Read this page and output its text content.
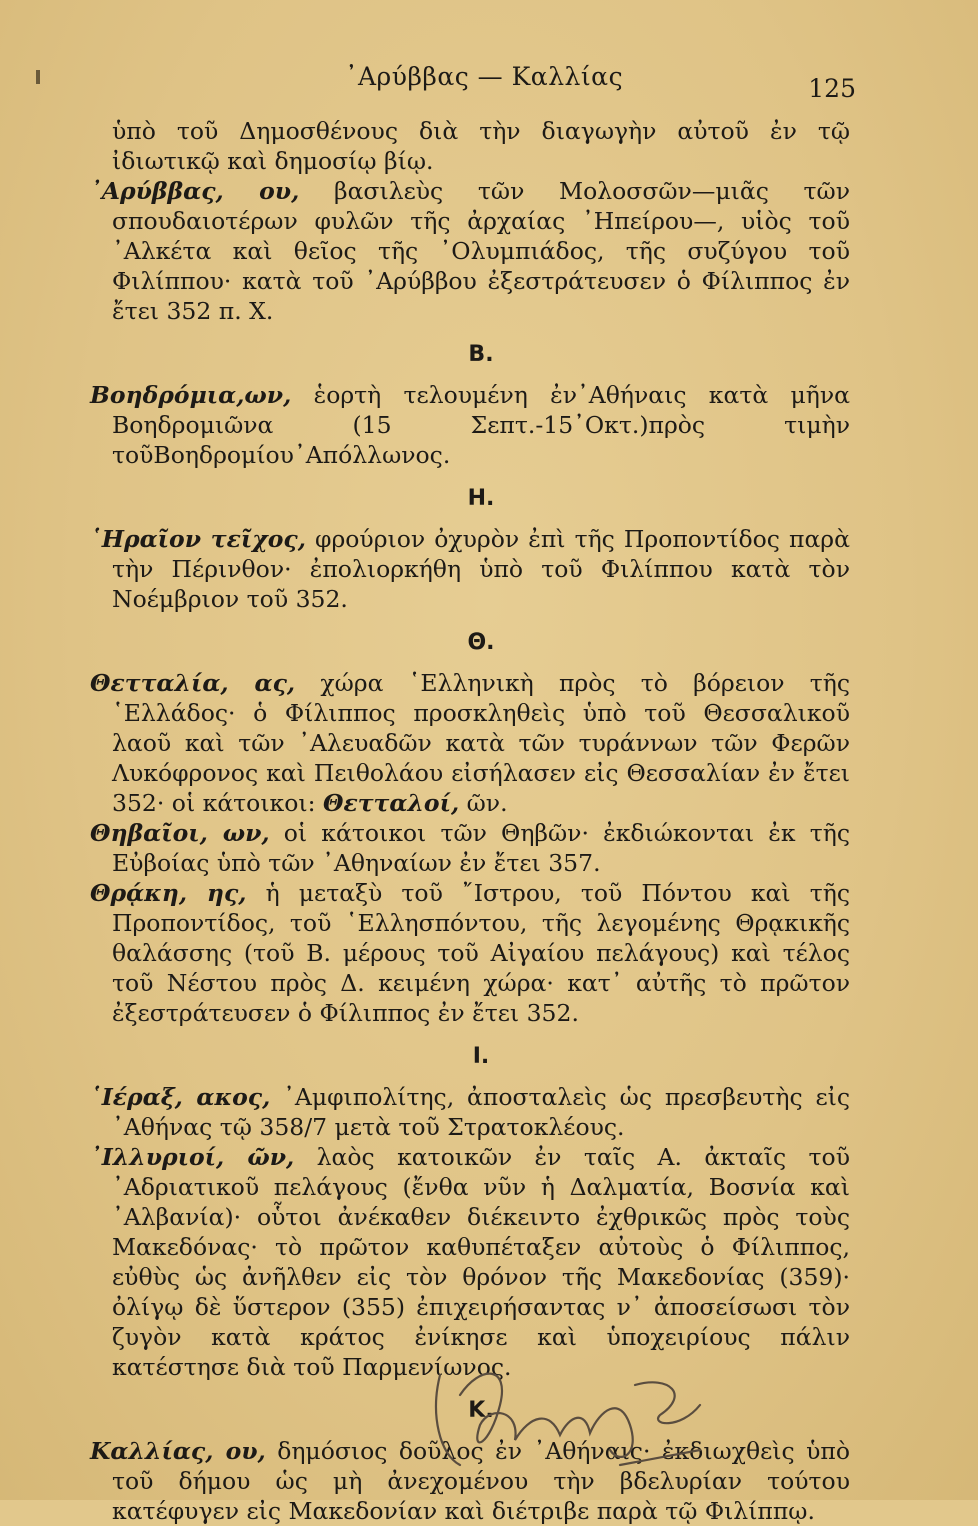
᾿Αρύββας — Καλλίας	125

ὑπὸ τοῦ Δημοσθένους διὰ τὴν διαγωγὴν αὐτοῦ ἐν τῷ ἰδιωτικῷ καὶ δημοσίῳ βίῳ.

᾿Αρύββας, ου, βασιλεὺς τῶν Μολοσσῶν—μιᾶς τῶν σπουδαιοτέρων φυλῶν τῆς ἀρχαίας ᾿Ηπείρου—, υἱὸς τοῦ ᾿Αλκέτα καὶ θεῖος τῆς ᾿Ολυμπιάδος, τῆς συζύγου τοῦ Φιλίππου· κατὰ τοῦ ᾿Αρύββου ἐξεστράτευσεν ὁ Φίλιππος ἐν ἔτει 352 π. Χ.

Β.

Βοηδρόμια,ων, ἑορτὴ τελουμένη ἐν᾿Αθήναις κατὰ μῆνα Βοηδρομιῶνα (15 Σεπτ.-15᾿Οκτ.)πρὸς τιμὴν τοῦΒοηδρομίου᾿Απόλλωνος.

Η.

῾Ηραῖον τεῖχος, φρούριον ὀχυρὸν ἐπὶ τῆς Προποντίδος παρὰ τὴν Πέρινθον· ἐπολιορκήθη ὑπὸ τοῦ Φιλίππου κατὰ τὸν Νοέμβριον τοῦ 352.

Θ.

Θετταλία, ας, χώρα ῾Ελληνικὴ πρὸς τὸ βόρειον τῆς ῾Ελλάδος· ὁ Φίλιππος προσκληθεὶς ὑπὸ τοῦ Θεσσαλικοῦ λαοῦ καὶ τῶν ᾿Αλευαδῶν κατὰ τῶν τυράννων τῶν Φερῶν Λυκόφρονος καὶ Πειθολάου εἰσήλασεν εἰς Θεσσαλίαν ἐν ἔτει 352· οἱ κάτοικοι: Θετταλοί, ῶν.

Θηβαῖοι, ων, οἱ κάτοικοι τῶν Θηβῶν· ἐκδιώκονται ἐκ τῆς Εὐβοίας ὑπὸ τῶν ᾿Αθηναίων ἐν ἔτει 357.

Θρᾴκη, ης, ἡ μεταξὺ τοῦ ῎Ιστρου, τοῦ Πόντου καὶ τῆς Προποντίδος, τοῦ ῾Ελλησπόντου, τῆς λεγομένης Θρᾳκικῆς θαλάσσης (τοῦ Β. μέρους τοῦ Αἰγαίου πελάγους) καὶ τέλος τοῦ Νέστου πρὸς Δ. κειμένη χώρα· κατ᾿ αὐτῆς τὸ πρῶτον ἐξεστράτευσεν ὁ Φίλιππος ἐν ἔτει 352.

Ι.

῾Ιέραξ, ακος, ᾿Αμφιπολίτης, ἀποσταλεὶς ὡς πρεσβευτὴς εἰς ᾿Αθήνας τῷ 358/7 μετὰ τοῦ Στρατοκλέους.

᾿Ιλλυριοί, ῶν, λαὸς κατοικῶν ἐν ταῖς Α. ἀκταῖς τοῦ ᾿Αδριατικοῦ πελάγους (ἔνθα νῦν ἡ Δαλματία, Βοσνία καὶ ᾿Αλβανία)· οὗτοι ἀνέκαθεν διέκειντο ἐχθρικῶς πρὸς τοὺς Μακεδόνας· τὸ πρῶτον καθυπέταξεν αὐτοὺς ὁ Φίλιππος, εὐθὺς ὡς ἀνῆλθεν εἰς τὸν θρόνον τῆς Μακεδονίας (359)· ὀλίγῳ δὲ ὕστερον (355) ἐπιχειρήσαντας ν᾿ ἀποσείσωσι τὸν ζυγὸν κατὰ κράτος ἐνίκησε καὶ ὑποχειρίους πάλιν κατέστησε διὰ τοῦ Παρμενίωνος.

Κ.

Καλλίας, ου, δημόσιος δοῦλος ἐν ᾿Αθήναις· ἐκδιωχθεὶς ὑπὸ τοῦ δήμου ὡς μὴ ἀνεχομένου τὴν βδελυρίαν τούτου κατέφυγεν εἰς Μακεδονίαν καὶ διέτριβε παρὰ τῷ Φιλίππῳ.
